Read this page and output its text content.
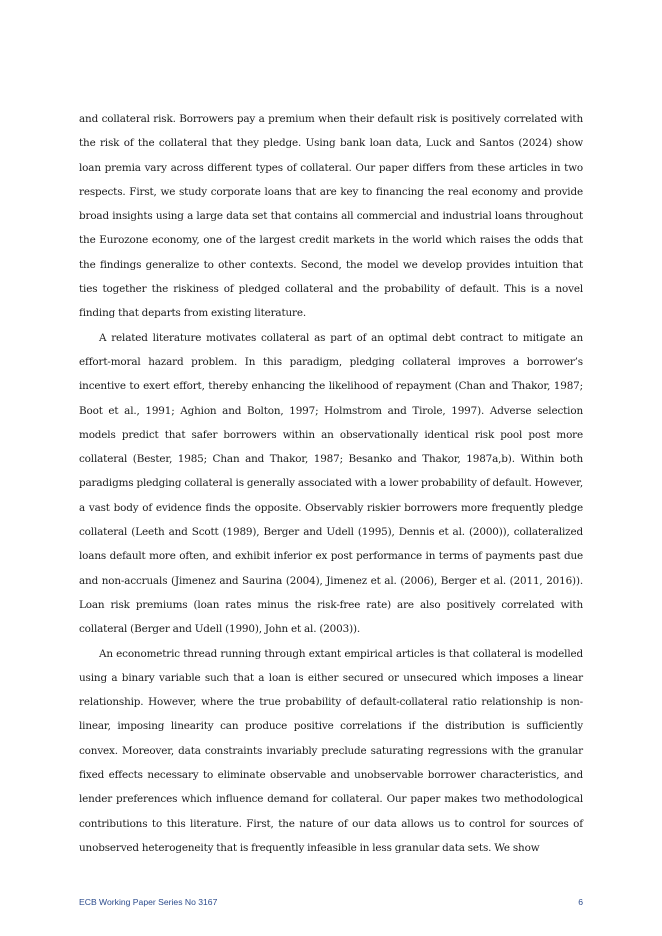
and collateral risk. Borrowers pay a premium when their default risk is positively correlated with the risk of the collateral that they pledge. Using bank loan data, Luck and Santos (2024) show loan premia vary across different types of collateral. Our paper differs from these articles in two respects. First, we study corporate loans that are key to financing the real economy and provide broad insights using a large data set that contains all commercial and industrial loans throughout the Eurozone economy, one of the largest credit markets in the world which raises the odds that the findings generalize to other contexts. Second, the model we develop provides intuition that ties together the riskiness of pledged collateral and the probability of default. This is a novel finding that departs from existing literature.

A related literature motivates collateral as part of an optimal debt contract to mitigate an effort-moral hazard problem. In this paradigm, pledging collateral improves a borrower’s incentive to exert effort, thereby enhancing the likelihood of repayment (Chan and Thakor, 1987; Boot et al., 1991; Aghion and Bolton, 1997; Holmstrom and Tirole, 1997). Adverse selection models predict that safer borrowers within an observationally identical risk pool post more collateral (Bester, 1985; Chan and Thakor, 1987; Besanko and Thakor, 1987a,b). Within both paradigms pledging collateral is generally associated with a lower probability of default. However, a vast body of evidence finds the opposite. Observably riskier borrowers more frequently pledge collateral (Leeth and Scott (1989), Berger and Udell (1995), Dennis et al. (2000)), collateralized loans default more often, and exhibit inferior ex post performance in terms of payments past due and non-accruals (Jimenez and Saurina (2004), Jimenez et al. (2006), Berger et al. (2011, 2016)). Loan risk premiums (loan rates minus the risk-free rate) are also positively correlated with collateral (Berger and Udell (1990), John et al. (2003)).

An econometric thread running through extant empirical articles is that collateral is modelled using a binary variable such that a loan is either secured or unsecured which imposes a linear relationship. However, where the true probability of default-collateral ratio relationship is non-linear, imposing linearity can produce positive correlations if the distribution is sufficiently convex. Moreover, data constraints invariably preclude saturating regressions with the granular fixed effects necessary to eliminate observable and unobservable borrower characteristics, and lender preferences which influence demand for collateral. Our paper makes two methodological contributions to this literature. First, the nature of our data allows us to control for sources of unobserved heterogeneity that is frequently infeasible in less granular data sets. We show

ECB Working Paper Series No 3167	6
